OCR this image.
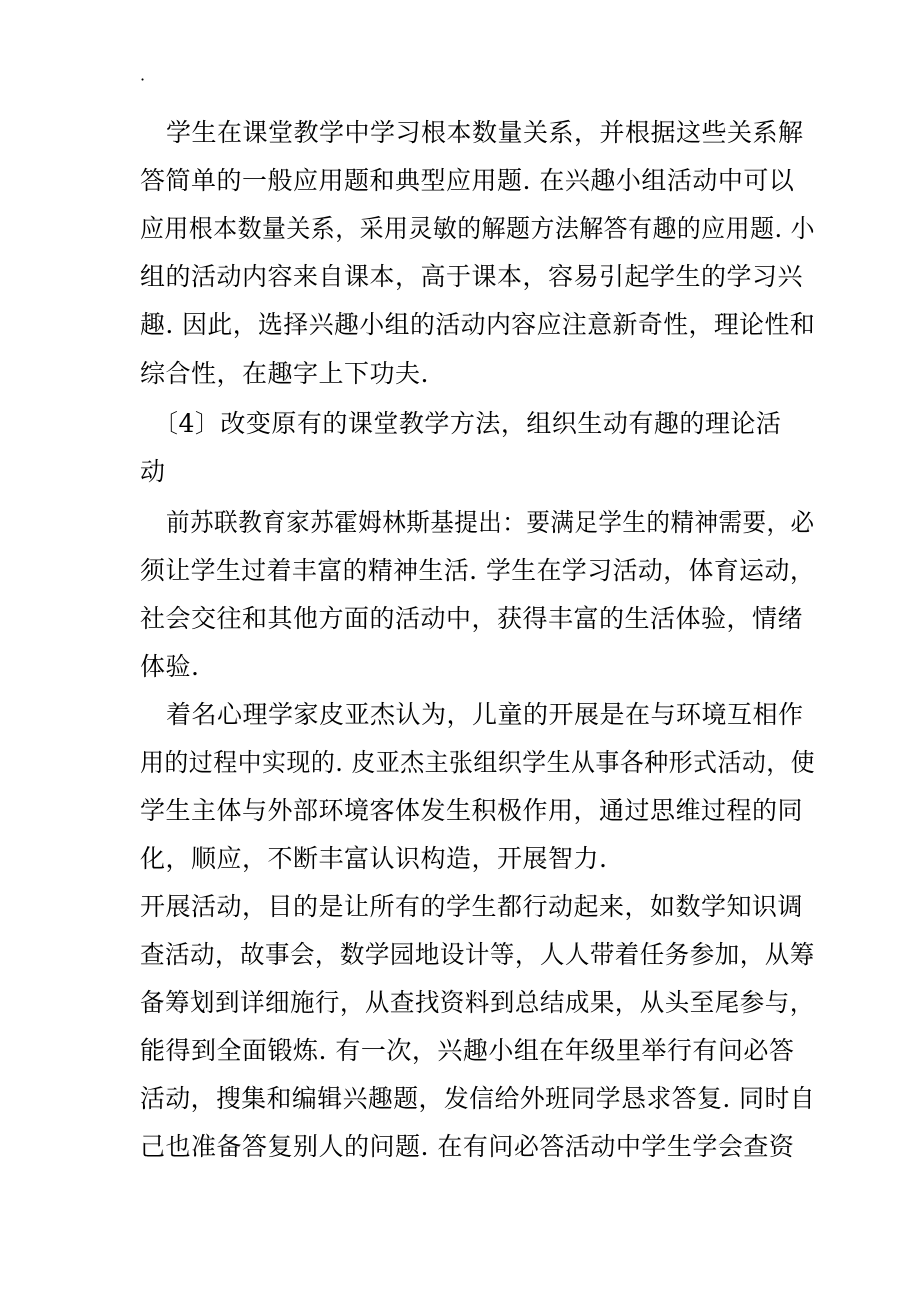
·
学生在课堂教学中学习根本数量关系，并根据这些关系解
答简单的一般应用题和典型应用题. 在兴趣小组活动中可以
应用根本数量关系，采用灵敏的解题方法解答有趣的应用题. 小
组的活动内容来自课本，高于课本，容易引起学生的学习兴
趣. 因此，选择兴趣小组的活动内容应注意新奇性，理论性和
综合性，在趣字上下功夫.
〔4〕改变原有的课堂教学方法，组织生动有趣的理论活
动
前苏联教育家苏霍姆林斯基提出：要满足学生的精神需要，必
须让学生过着丰富的精神生活. 学生在学习活动，体育运动，
社会交往和其他方面的活动中，获得丰富的生活体验，情绪
体验.
着名心理学家皮亚杰认为，儿童的开展是在与环境互相作
用的过程中实现的. 皮亚杰主张组织学生从事各种形式活动，使
学生主体与外部环境客体发生积极作用，通过思维过程的同
化，顺应，不断丰富认识构造，开展智力.
开展活动，目的是让所有的学生都行动起来，如数学知识调
查活动，故事会，数学园地设计等，人人带着任务参加，从筹
备筹划到详细施行，从查找资料到总结成果，从头至尾参与，
能得到全面锻炼. 有一次，兴趣小组在年级里举行有问必答
活动，搜集和编辑兴趣题，发信给外班同学恳求答复. 同时自
己也准备答复别人的问题. 在有问必答活动中学生学会查资
